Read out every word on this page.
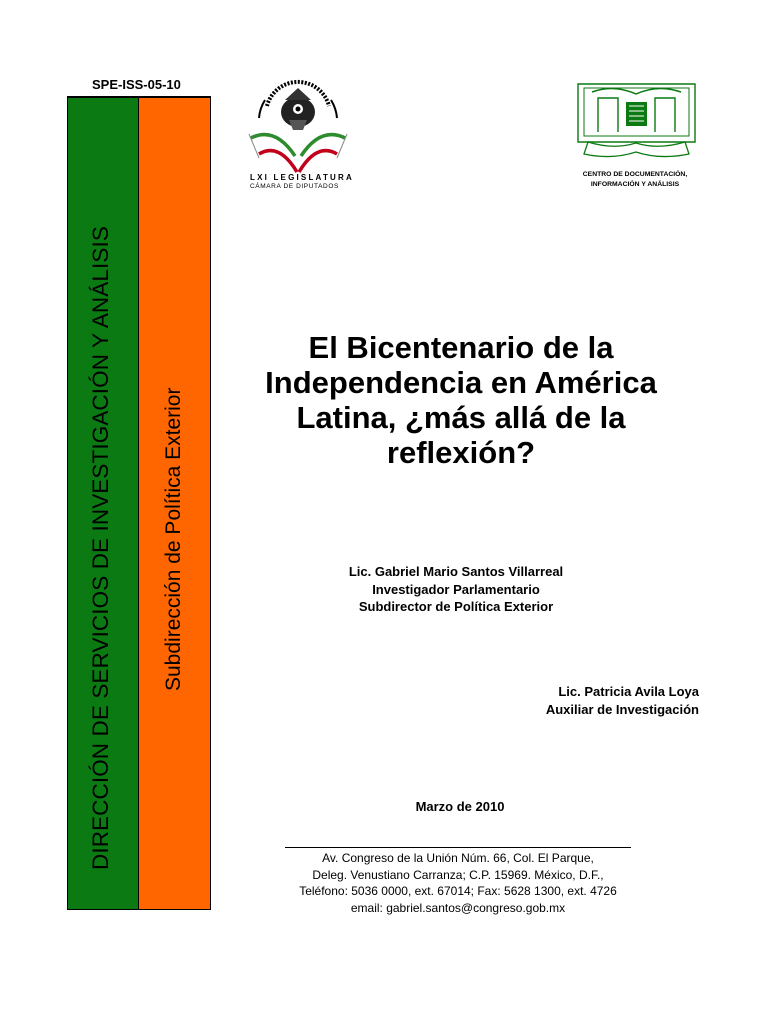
SPE-ISS-05-10
DIRECCIÓN DE SERVICIOS DE INVESTIGACIÓN Y ANÁLISIS Subdirección de Política Exterior
LXI LEGISLATURA
CÁMARA DE DIPUTADOS
CENTRO DE DOCUMENTACIÓN,
INFORMACIÓN Y ANÁLISIS
El Bicentenario de la
Independencia en América
Latina, ¿más allá de la
reflexión?
Lic. Gabriel Mario Santos Villarreal
Investigador Parlamentario
Subdirector de Política Exterior
Lic. Patricia Avila Loya
Auxiliar de Investigación
Marzo de 2010
Av. Congreso de la Unión Núm. 66, Col. El Parque,
Deleg. Venustiano Carranza; C.P. 15969. México, D.F.,
Teléfono: 5036 0000, ext. 67014; Fax: 5628 1300, ext. 4726
email: gabriel.santos@congreso.gob.mx
